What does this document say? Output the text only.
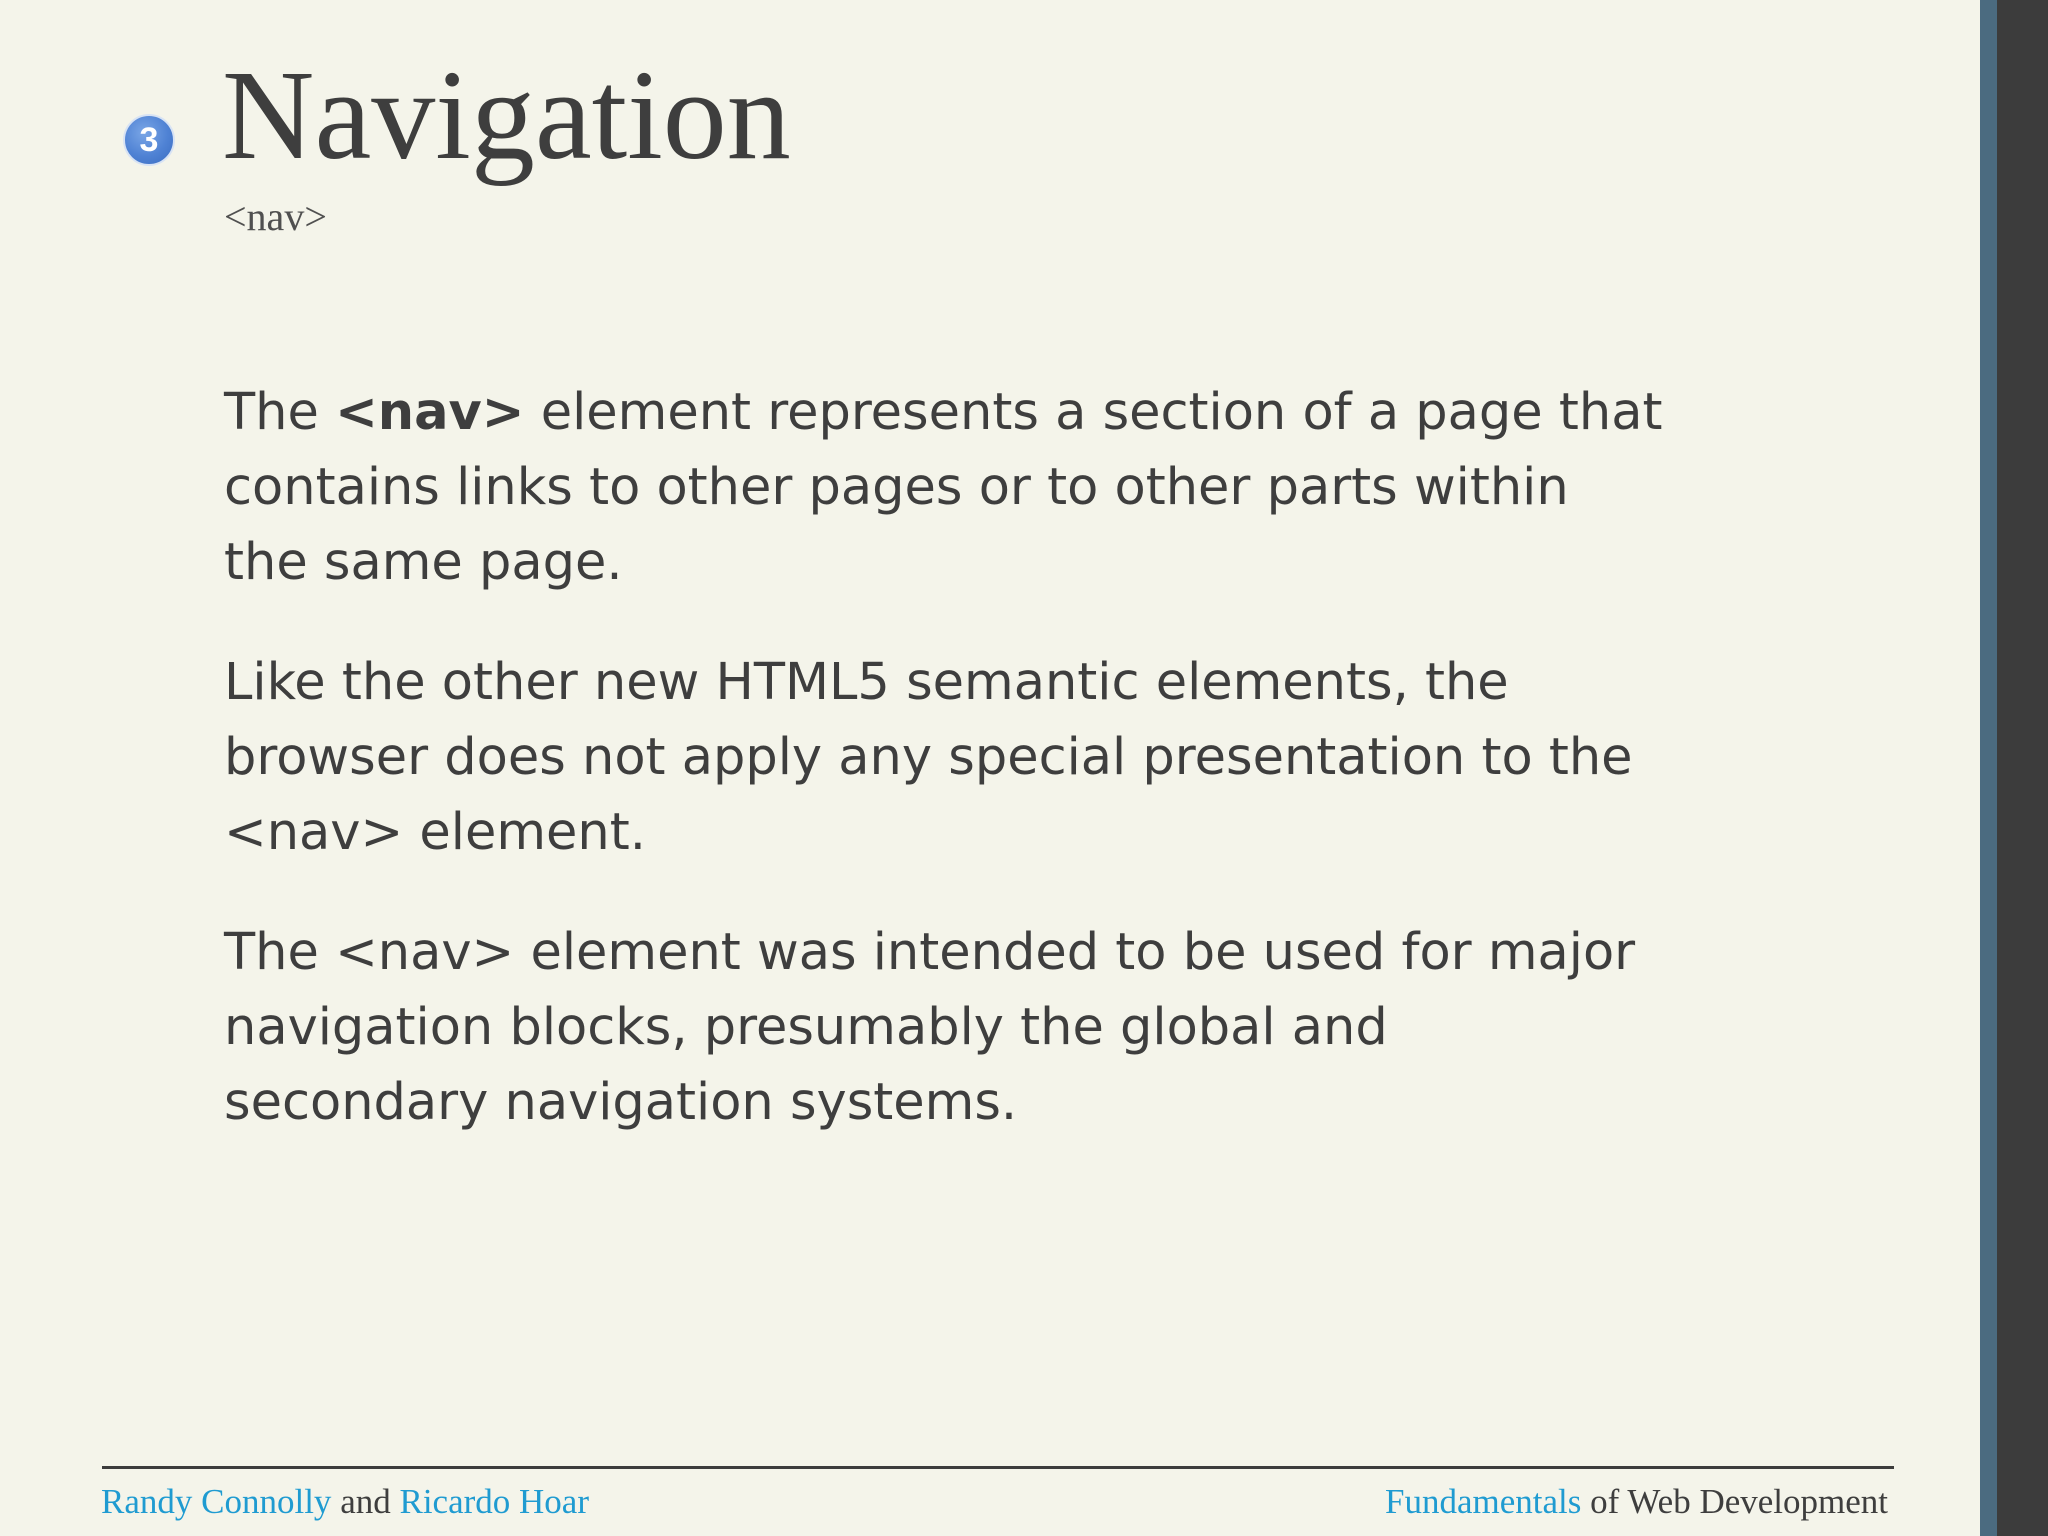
3 Navigation
<nav>

The <nav> element represents a section of a page that contains links to other pages or to other parts within the same page.

Like the other new HTML5 semantic elements, the browser does not apply any special presentation to the <nav> element.

The <nav> element was intended to be used for major navigation blocks, presumably the global and secondary navigation systems.

Randy Connolly and Ricardo Hoar	Fundamentals of Web Development
